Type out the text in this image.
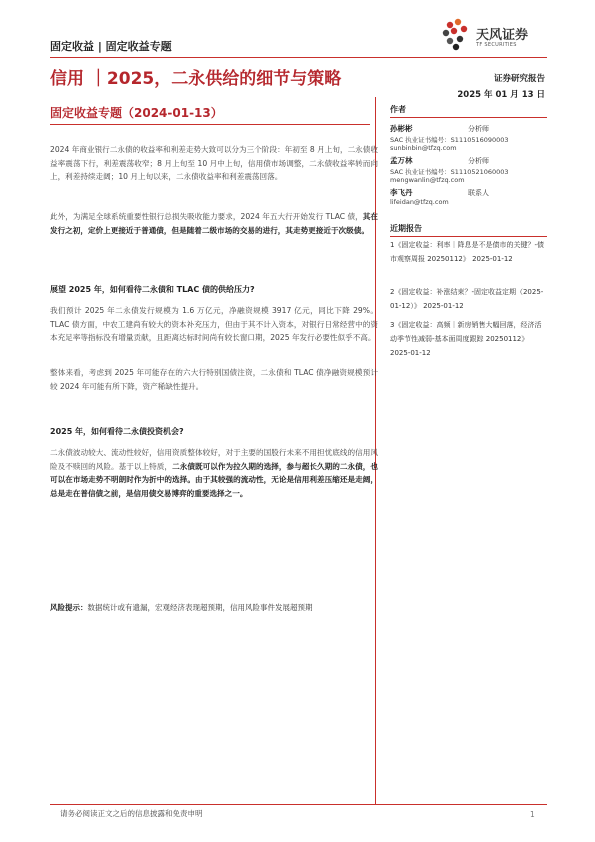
固定收益 | 固定收益专题
天风证券
TF SECURITIES
信用 ｜2025，二永供给的细节与策略	证券研究报告
2025 年 01 月 13 日
固定收益专题（2024-01-13）	作者
孙彬彬	分析师
SAC 执业证书编号：S1110516090003
sunbinbin@tfzq.com
孟万林	分析师
SAC 执业证书编号：S1110521060003
mengwanlin@tfzq.com
李飞丹	联系人
lifeidan@tfzq.com
近期报告
1《固定收益：利率｜降息是不是债市的关键？-债市观察周报 20250112》 2025-01-12
2《固定收益：补涨结束？-固定收益定期（2025-01-12）》 2025-01-12
3《固定收益：高频｜新房销售大幅回落，经济活动季节性减弱-基本面周度跟踪 20250112》 2025-01-12
2024 年商业银行二永债的收益率和利差走势大致可以分为三个阶段：年初至 8 月上旬，二永债收益率震荡下行，利差震荡收窄；8 月上旬至 10 月中上旬，信用债市场调整，二永债收益率转而向上，利差持续走阔；10 月上旬以来，二永债收益率和利差震荡回落。
此外，为满足全球系统重要性银行总损失吸收能力要求，2024 年五大行开始发行 TLAC 债，其在发行之初，定价上更接近于普通债，但是随着二级市场的交易的进行，其走势更接近于次级债。
展望 2025 年，如何看待二永债和 TLAC 债的供给压力?
我们预计 2025 年二永债发行规模为 1.6 万亿元，净融资规模 3917 亿元，同比下降 29%。TLAC 债方面，中农工建尚有较大的资本补充压力，但由于其不计入资本，对银行日常经营中的资本充足率等指标没有增量贡献，且距离达标时间尚有较长窗口期，2025 年发行必要性似乎不高。
整体来看，考虑到 2025 年可能存在的六大行特别国债注资，二永债和 TLAC 债净融资规模预计较 2024 年可能有所下降，资产稀缺性提升。
2025 年，如何看待二永债投资机会?
二永债波动较大、流动性较好，信用资质整体较好，对于主要的国股行未来不用担忧底线的信用风险及不赎回的风险。基于以上特质，二永债既可以作为拉久期的选择，参与超长久期的二永债，也可以在市场走势不明朗时作为折中的选择。由于其较强的流动性，无论是信用利差压缩还是走阔，总是走在普信债之前，是信用债交易博弈的重要选择之一。
风险提示：数据统计或有遗漏，宏观经济表现超预期，信用风险事件发展超预期
请务必阅读正文之后的信息披露和免责申明	1
